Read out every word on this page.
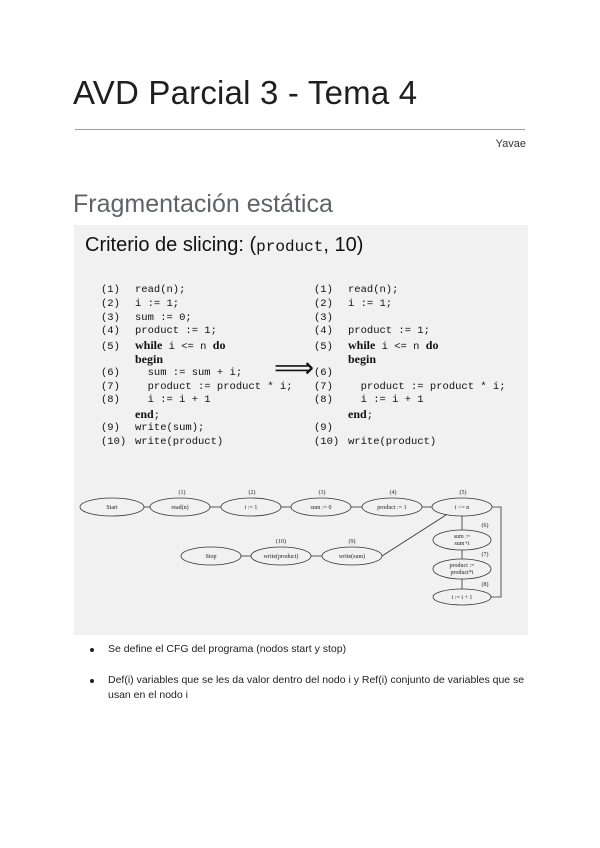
AVD Parcial 3 - Tema 4
Yavae
Fragmentación estática
Criterio de slicing: (product, 10)
(1) read(n);
(2) i := 1;
(3) sum := 0;
(4) product := 1;
(5) while i <= n do
begin
(6)  sum := sum + i;
(7)  product := product * i;
(8)  i := i + 1
end;
(9) write(sum);
(10) write(product)
⟹
(1) read(n);
(2) i := 1;
(3)
(4) product := 1;
(5) while i <= n do
begin
(6)
(7)  product := product * i;
(8)  i := i + 1
end;
(9)
(10) write(product)
Start	read(n)	i := 1	sum := 0	product := 1	i <= n
sum :=
sum+i
product :=
product*i
i := i + 1
write(sum)
write(product)
Stop
(1)	(2)	(3)	(4)	(5)
(6)
(7)
(8)
(9)
(10)
Se define el CFG del programa (nodos start y stop)
Def(i) variables que se les da valor dentro del nodo i y Ref(i) conjunto de variables que se usan en el nodo i
